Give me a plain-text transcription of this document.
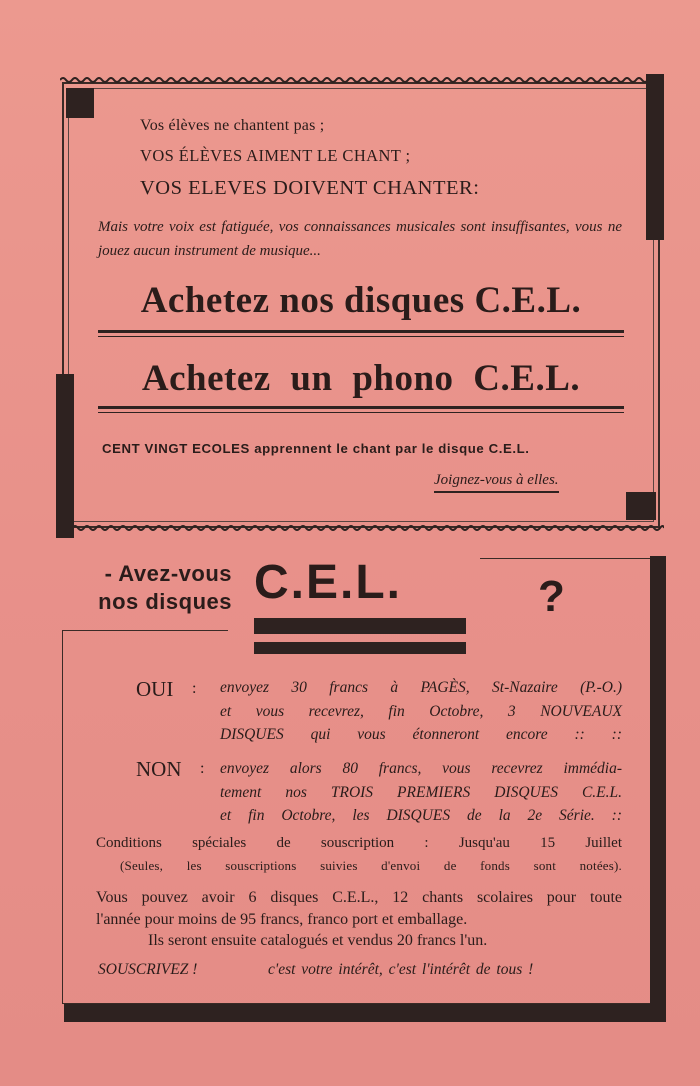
Vos élèves ne chantent pas ;
VOS ÉLÈVES AIMENT LE CHANT ;
VOS ELEVES DOIVENT CHANTER:
Mais votre voix est fatiguée, vos connaissances musicales sont insuffisantes, vous ne jouez aucun instrument de musique...
Achetez nos disques C.E.L.
Achetez un phono C.E.L.
CENT VINGT ECOLES apprennent le chant par le disque C.E.L.
Joignez-vous à elles.
- Avez-vous
nos disques C.E.L.	?
OUI : envoyez 30 francs à PAGÈS, St-Nazaire (P.-O.)
et vous recevrez, fin Octobre, 3 NOUVEAUX
DISQUES qui vous étonneront encore :: ::
NON : envoyez alors 80 francs, vous recevrez immédia-
tement nos TROIS PREMIERS DISQUES C.E.L.
et fin Octobre, les DISQUES de la 2e Série. ::
Conditions spéciales de souscription : Jusqu'au 15 Juillet
(Seules, les souscriptions suivies d'envoi de fonds sont notées).
Vous pouvez avoir 6 disques C.E.L., 12 chants scolaires pour toute
l'année pour moins de 95 francs, franco port et emballage.
Ils seront ensuite catalogués et vendus 20 francs l'un.
SOUSCRIVEZ !	c'est votre intérêt, c'est l'intérêt de tous !
